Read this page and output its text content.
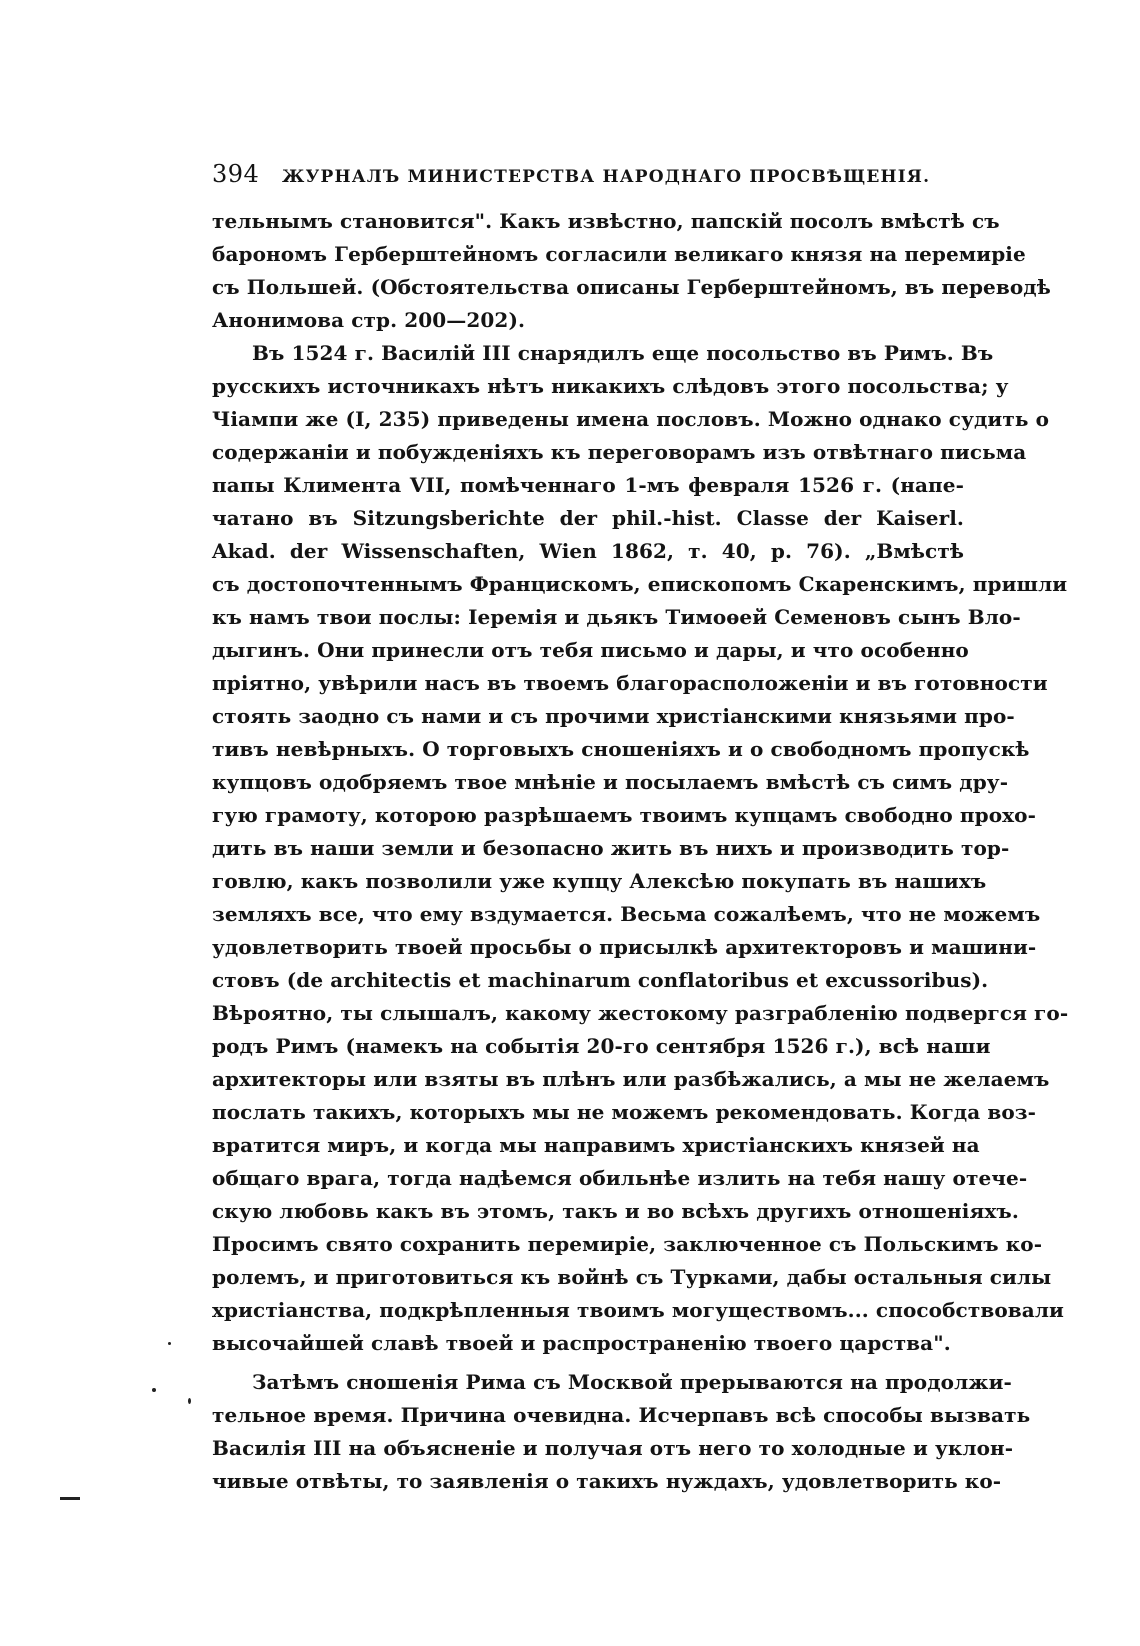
394	ЖУРНАЛЪ МИНИСТЕРСТВА НАРОДНАГО ПРОСВѢЩЕНІЯ.
тельнымъ становится". Какъ извѣстно, папскій посолъ вмѣстѣ съ
барономъ Герберштейномъ согласили великаго князя на перемиріе
съ Польшей. (Обстоятельства описаны Герберштейномъ, въ переводѣ
Анонимова стр. 200—202).
Въ 1524 г. Василій III снарядилъ еще посольство въ Римъ. Въ
русскихъ источникахъ нѣтъ никакихъ слѣдовъ этого посольства; у
Чіампи же (I, 235) приведены имена пословъ. Можно однако судить о
содержаніи и побужденіяхъ къ переговорамъ изъ отвѣтнаго письма
папы Климента VII, помѣченнаго 1-мъ февраля 1526 г. (напе-
чатано въ Sitzungsberichte der phil.-hist. Classe der Kaiserl.
Akad. der Wissenschaften, Wien 1862, т. 40, p. 76). „Вмѣстѣ
съ достопочтеннымъ Францискомъ, епископомъ Скаренскимъ, пришли
къ намъ твои послы: Іеремія и дьякъ Тимоѳей Семеновъ сынъ Вло-
дыгинъ. Они принесли отъ тебя письмо и дары, и что особенно
пріятно, увѣрили насъ въ твоемъ благорасположеніи и въ готовности
стоять заодно съ нами и съ прочими христіанскими князьями про-
тивъ невѣрныхъ. О торговыхъ сношеніяхъ и о свободномъ пропускѣ
купцовъ одобряемъ твое мнѣніе и посылаемъ вмѣстѣ съ симъ дру-
гую грамоту, которою разрѣшаемъ твоимъ купцамъ свободно прохо-
дить въ наши земли и безопасно жить въ нихъ и производить тор-
говлю, какъ позволили уже купцу Алексѣю покупать въ нашихъ
земляхъ все, что ему вздумается. Весьма сожалѣемъ, что не можемъ
удовлетворить твоей просьбы о присылкѣ архитекторовъ и машини-
стовъ (de architectis et machinarum conflatoribus et excussoribus).
Вѣроятно, ты слышалъ, какому жестокому разграбленію подвергся го-
родъ Римъ (намекъ на событія 20-го сентября 1526 г.), всѣ наши
архитекторы или взяты въ плѣнъ или разбѣжались, а мы не желаемъ
послать такихъ, которыхъ мы не можемъ рекомендовать. Когда воз-
вратится миръ, и когда мы направимъ христіанскихъ князей на
общаго врага, тогда надѣемся обильнѣе излить на тебя нашу отече-
скую любовь какъ въ этомъ, такъ и во всѣхъ другихъ отношеніяхъ.
Просимъ свято сохранить перемиріе, заключенное съ Польскимъ ко-
ролемъ, и приготовиться къ войнѣ съ Турками, дабы остальныя силы
христіанства, подкрѣпленныя твоимъ могуществомъ... способствовали
высочайшей славѣ твоей и распространенію твоего царства".
Затѣмъ сношенія Рима съ Москвой прерываются на продолжи-
тельное время. Причина очевидна. Исчерпавъ всѣ способы вызвать
Василія III на объясненіе и получая отъ него то холодные и уклон-
чивые отвѣты, то заявленія о такихъ нуждахъ, удовлетворить ко-
